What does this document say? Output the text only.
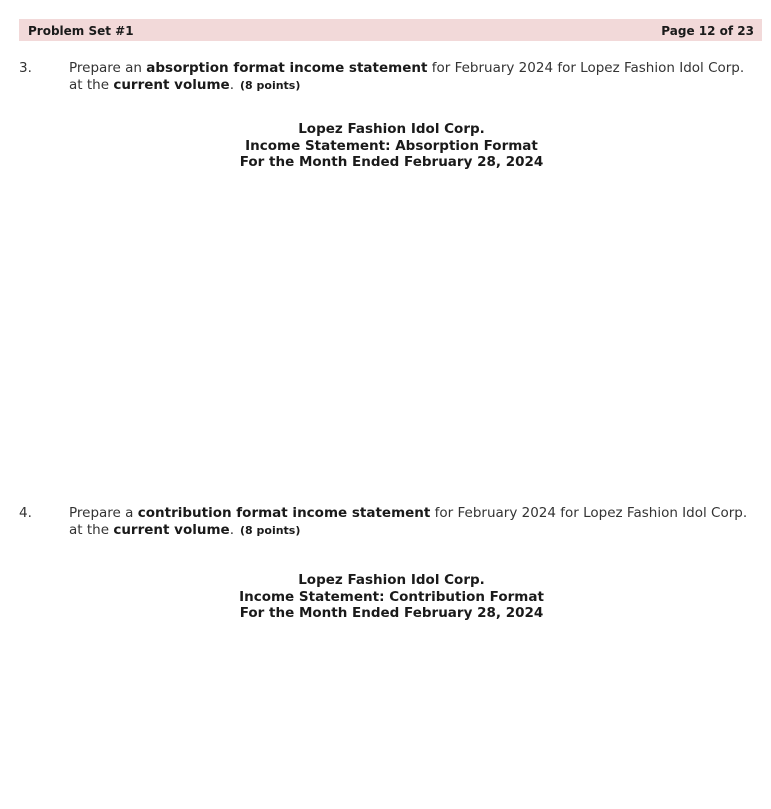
Problem Set #1	Page 12 of 23
3.	Prepare an absorption format income statement for February 2024 for Lopez Fashion Idol Corp. at the current volume. (8 points)
Lopez Fashion Idol Corp.
Income Statement: Absorption Format
For the Month Ended February 28, 2024
4.	Prepare a contribution format income statement for February 2024 for Lopez Fashion Idol Corp. at the current volume. (8 points)
Lopez Fashion Idol Corp.
Income Statement: Contribution Format
For the Month Ended February 28, 2024
